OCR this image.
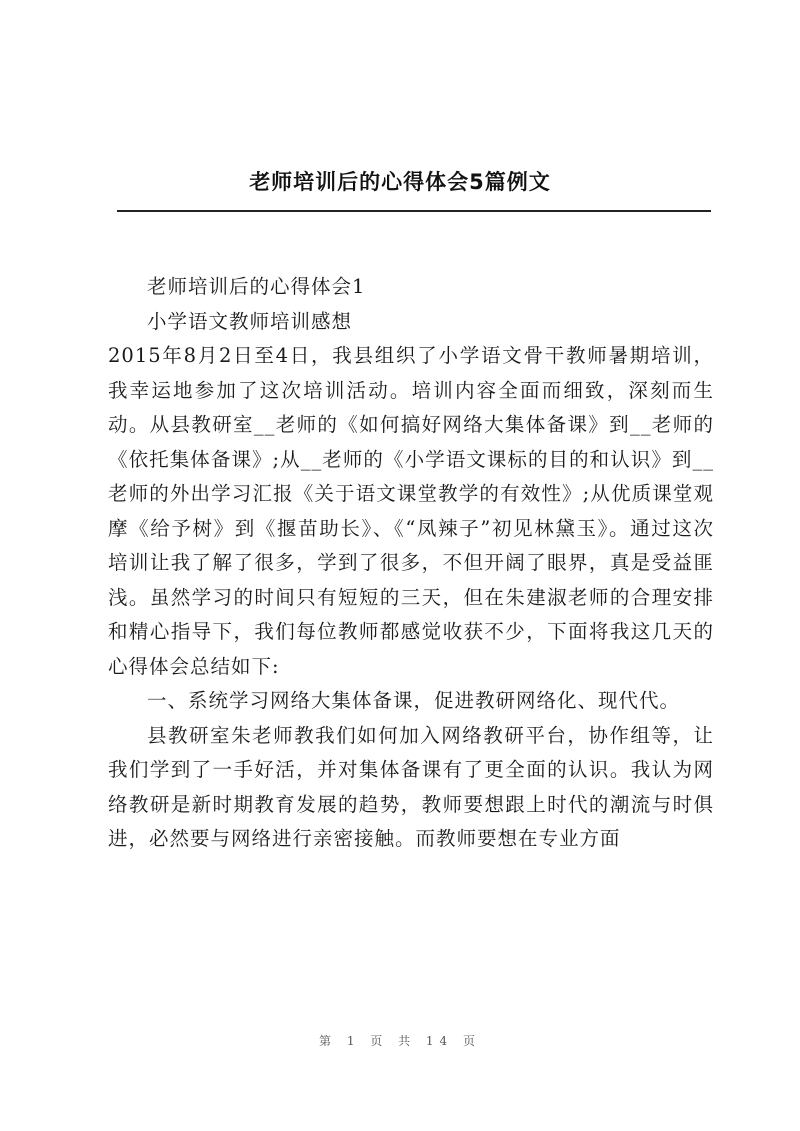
老师培训后的心得体会5篇例文

老师培训后的心得体会1

小学语文教师培训感想

2015年8月2日至4日，我县组织了小学语文骨干教师暑期培训，我幸运地参加了这次培训活动。培训内容全面而细致，深刻而生动。从县教研室__老师的《如何搞好网络大集体备课》到__老师的《依托集体备课》;从__老师的《小学语文课标的目的和认识》到__老师的外出学习汇报《关于语文课堂教学的有效性》;从优质课堂观摩《给予树》到《揠苗助长》、《“凤辣子”初见林黛玉》。通过这次培训让我了解了很多，学到了很多，不但开阔了眼界，真是受益匪浅。虽然学习的时间只有短短的三天，但在朱建淑老师的合理安排和精心指导下，我们每位教师都感觉收获不少，下面将我这几天的心得体会总结如下:

一、系统学习网络大集体备课，促进教研网络化、现代代。

县教研室朱老师教我们如何加入网络教研平台，协作组等，让我们学到了一手好活，并对集体备课有了更全面的认识。我认为网络教研是新时期教育发展的趋势，教师要想跟上时代的潮流与时俱进，必然要与网络进行亲密接触。而教师要想在专业方面

第 1 页 共 14 页
